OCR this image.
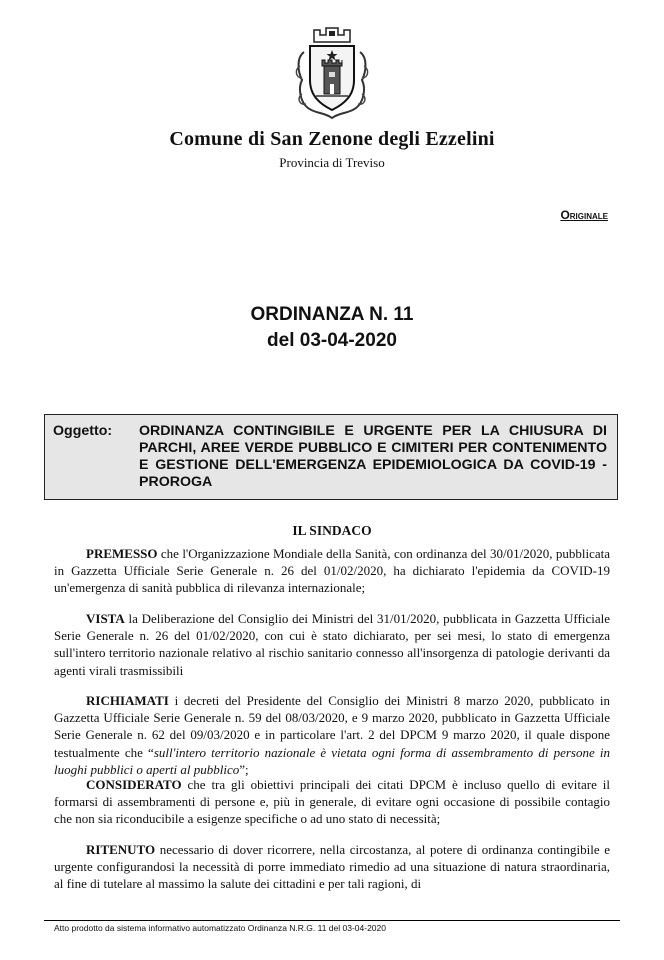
Comune di San Zenone degli Ezzelini
Provincia di Treviso
Originale
ORDINANZA N. 11
del 03-04-2020
Oggetto:	ORDINANZA CONTINGIBILE E URGENTE PER LA CHIUSURA DI PARCHI, AREE VERDE PUBBLICO E CIMITERI PER CONTENIMENTO E GESTIONE DELL'EMERGENZA EPIDEMIOLOGICA DA COVID-19 - PROROGA
IL SINDACO
PREMESSO che l'Organizzazione Mondiale della Sanità, con ordinanza del 30/01/2020, pubblicata in Gazzetta Ufficiale Serie Generale n. 26 del 01/02/2020, ha dichiarato l'epidemia da COVID-19 un'emergenza di sanità pubblica di rilevanza internazionale;
VISTA la Deliberazione del Consiglio dei Ministri del 31/01/2020, pubblicata in Gazzetta Ufficiale Serie Generale n. 26 del 01/02/2020, con cui è stato dichiarato, per sei mesi, lo stato di emergenza sull'intero territorio nazionale relativo al rischio sanitario connesso all'insorgenza di patologie derivanti da agenti virali trasmissibili
RICHIAMATI i decreti del Presidente del Consiglio dei Ministri 8 marzo 2020, pubblicato in Gazzetta Ufficiale Serie Generale n. 59 del 08/03/2020, e 9 marzo 2020, pubblicato in Gazzetta Ufficiale Serie Generale n. 62 del 09/03/2020 e in particolare l'art. 2 del DPCM 9 marzo 2020, il quale dispone testualmente che “sull'intero territorio nazionale è vietata ogni forma di assembramento di persone in luoghi pubblici o aperti al pubblico”;
CONSIDERATO che tra gli obiettivi principali dei citati DPCM è incluso quello di evitare il formarsi di assembramenti di persone e, più in generale, di evitare ogni occasione di possibile contagio che non sia riconducibile a esigenze specifiche o ad uno stato di necessità;
RITENUTO necessario di dover ricorrere, nella circostanza, al potere di ordinanza contingibile e urgente configurandosi la necessità di porre immediato rimedio ad una situazione di natura straordinaria, al fine di tutelare al massimo la salute dei cittadini e per tali ragioni, di
Atto prodotto da sistema informativo automatizzato Ordinanza N.R.G. 11 del 03-04-2020
